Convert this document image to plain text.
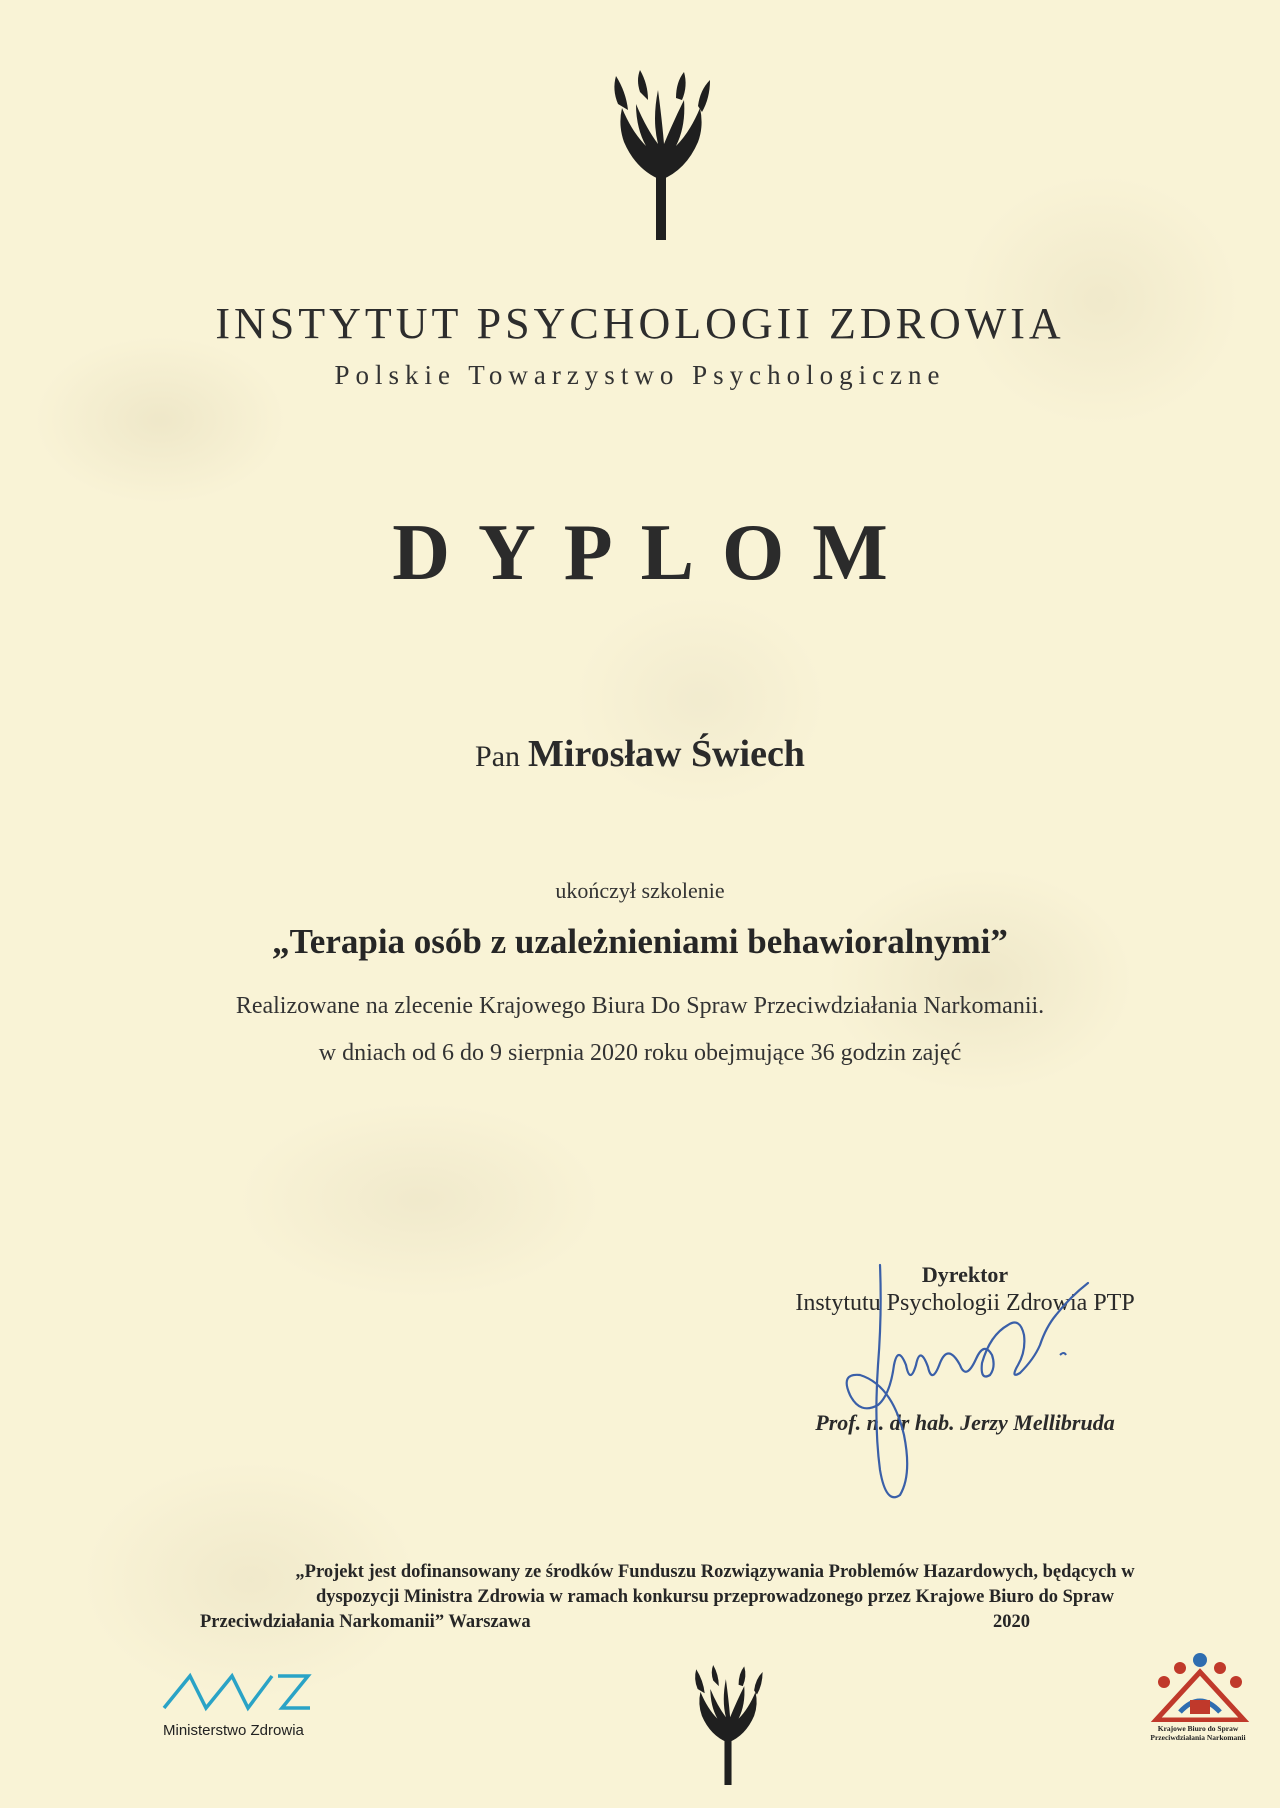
INSTYTUT PSYCHOLOGII ZDROWIA
Polskie Towarzystwo Psychologiczne
DYPLOM
Pan Mirosław Świech
ukończył szkolenie
„Terapia osób z uzależnieniami behawioralnymi”
Realizowane na zlecenie Krajowego Biura Do Spraw Przeciwdziałania Narkomanii.
w dniach od 6 do 9 sierpnia 2020 roku obejmujące 36 godzin zajęć
Dyrektor
Instytutu Psychologii Zdrowia PTP
Prof. n. dr hab. Jerzy Mellibruda
„Projekt jest dofinansowany ze środków Funduszu Rozwiązywania Problemów Hazardowych, będących w
dyspozycji Ministra Zdrowia w ramach konkursu przeprowadzonego przez Krajowe Biuro do Spraw
Przeciwdziałania Narkomanii” Warszawa	2020
Ministerstwo Zdrowia	Krajowe Biuro do Spraw
Przeciwdziałania Narkomanii
